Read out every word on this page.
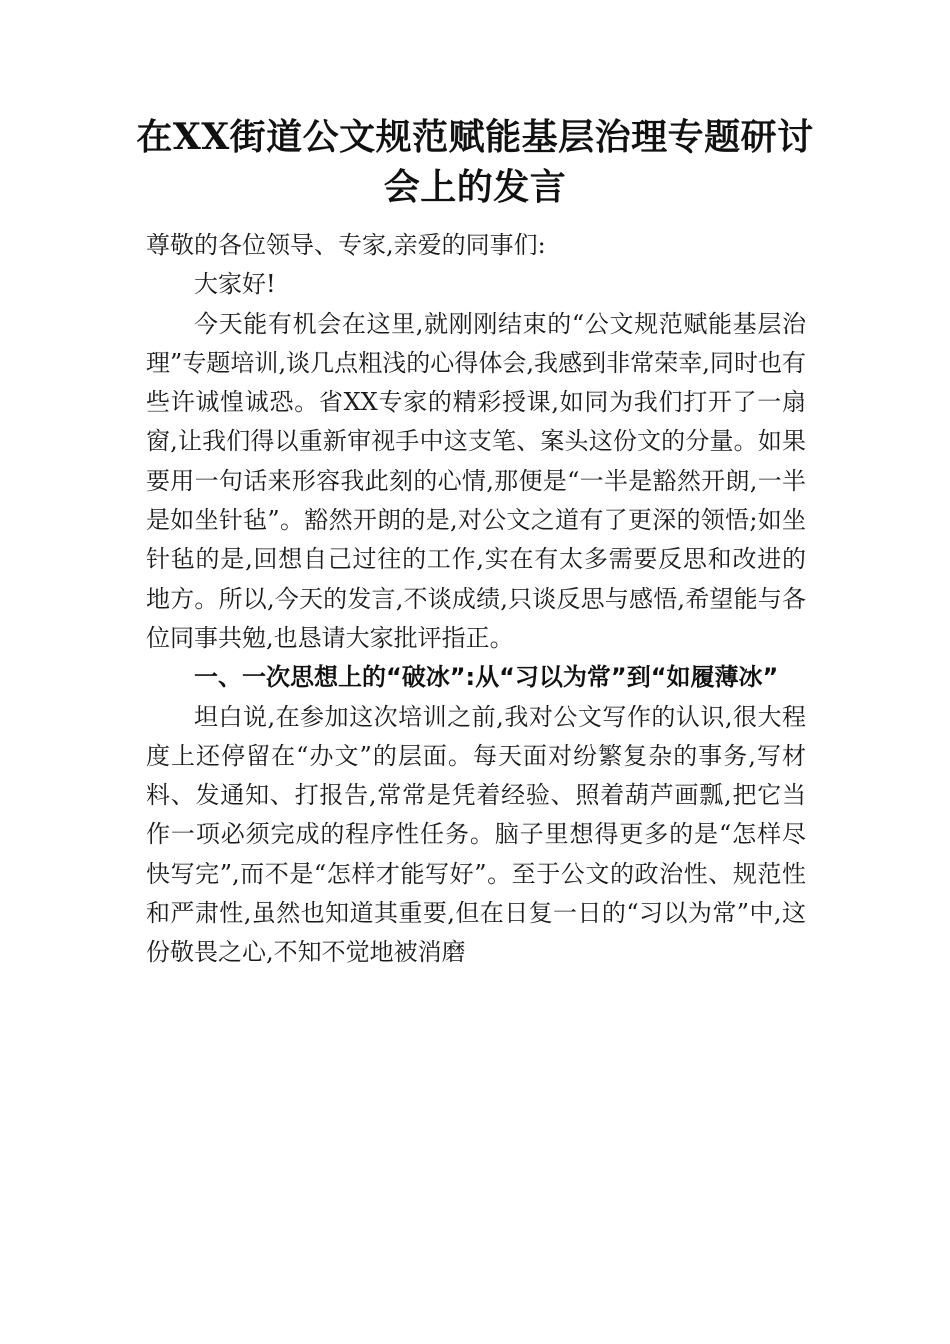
在XX街道公文规范赋能基层治理专题研讨
会上的发言

尊敬的各位领导、专家,亲爱的同事们:

大家好!

今天能有机会在这里,就刚刚结束的“公文规范赋能基层治理”专题培训,谈几点粗浅的心得体会,我感到非常荣幸,同时也有些许诚惶诚恐。省XX专家的精彩授课,如同为我们打开了一扇窗,让我们得以重新审视手中这支笔、案头这份文的分量。如果要用一句话来形容我此刻的心情,那便是“一半是豁然开朗,一半是如坐针毡”。豁然开朗的是,对公文之道有了更深的领悟;如坐针毡的是,回想自己过往的工作,实在有太多需要反思和改进的地方。所以,今天的发言,不谈成绩,只谈反思与感悟,希望能与各位同事共勉,也恳请大家批评指正。

一、一次思想上的“破冰”:从“习以为常”到“如履薄冰”

坦白说,在参加这次培训之前,我对公文写作的认识,很大程度上还停留在“办文”的层面。每天面对纷繁复杂的事务,写材料、发通知、打报告,常常是凭着经验、照着葫芦画瓢,把它当作一项必须完成的程序性任务。脑子里想得更多的是“怎样尽快写完”,而不是“怎样才能写好”。至于公文的政治性、规范性和严肃性,虽然也知道其重要,但在日复一日的“习以为常”中,这份敬畏之心,不知不觉地被消磨
